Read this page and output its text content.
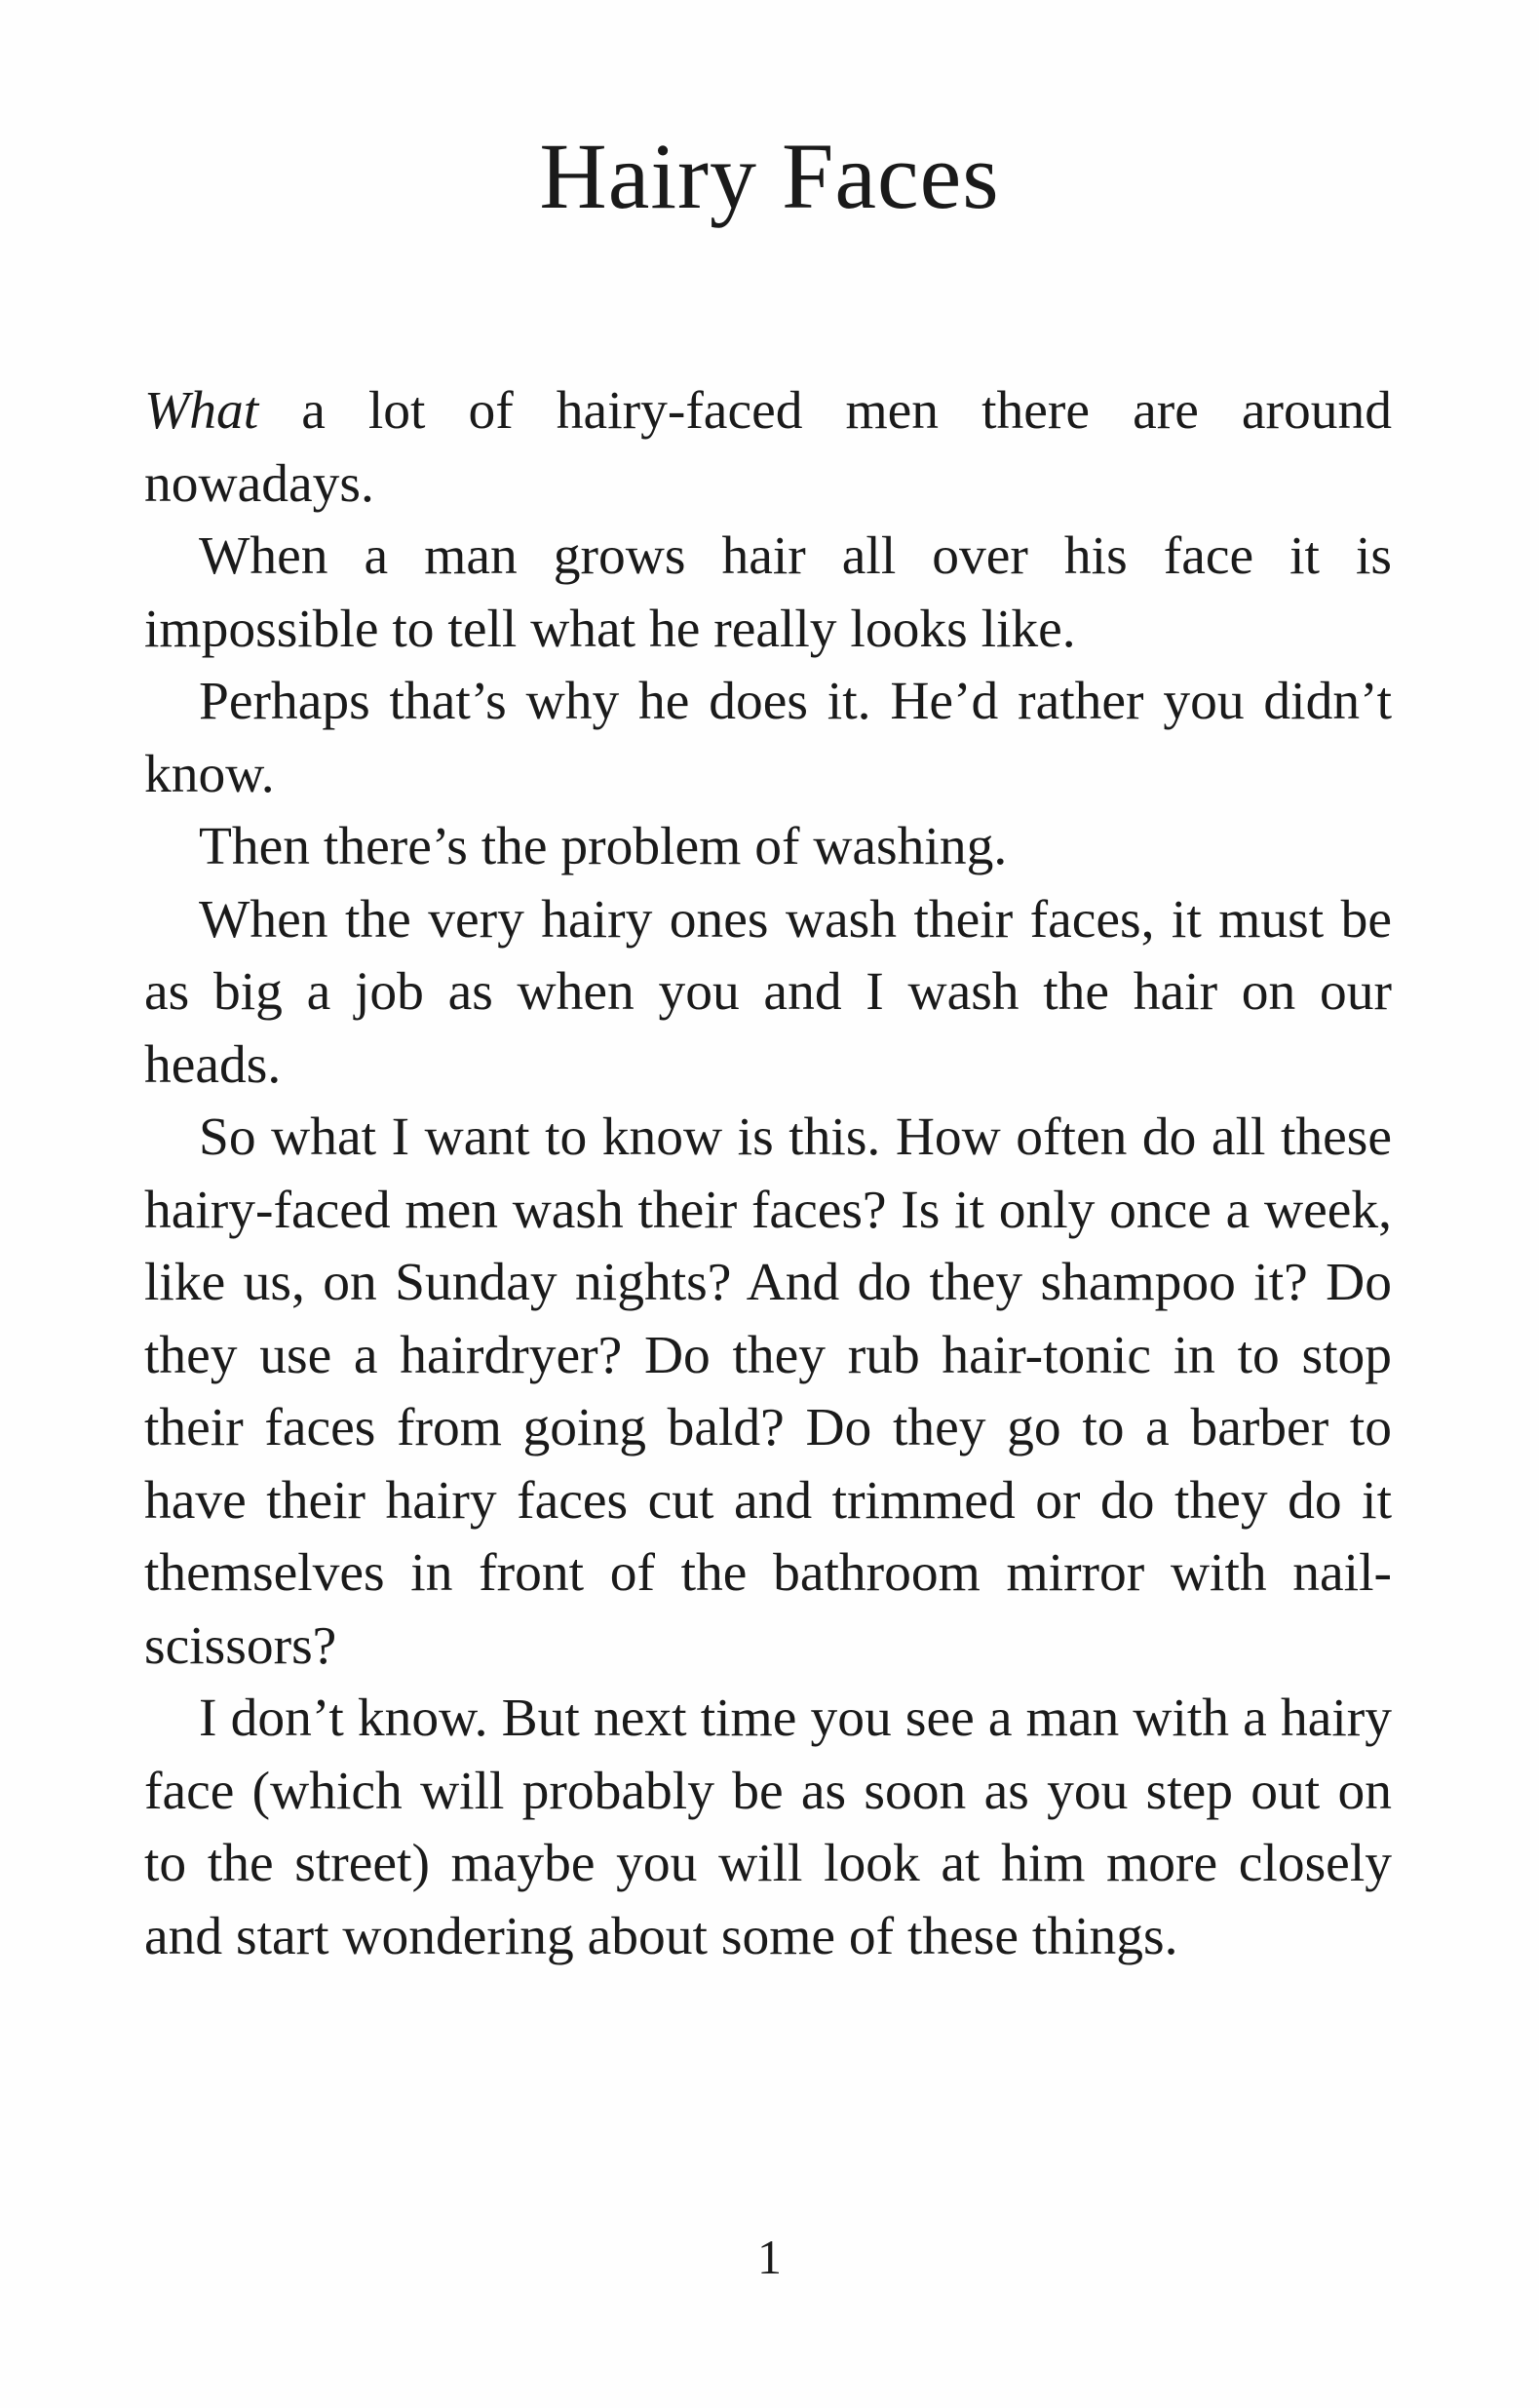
Hairy Faces

What a lot of hairy-faced men there are around nowadays.

When a man grows hair all over his face it is impossible to tell what he really looks like.

Perhaps that’s why he does it. He’d rather you didn’t know.

Then there’s the problem of washing.

When the very hairy ones wash their faces, it must be as big a job as when you and I wash the hair on our heads.

So what I want to know is this. How often do all these hairy-faced men wash their faces? Is it only once a week, like us, on Sunday nights? And do they shampoo it? Do they use a hairdryer? Do they rub hair-tonic in to stop their faces from going bald? Do they go to a barber to have their hairy faces cut and trimmed or do they do it themselves in front of the bathroom mirror with nail-scissors?

I don’t know. But next time you see a man with a hairy face (which will probably be as soon as you step out on to the street) maybe you will look at him more closely and start wondering about some of these things.

1
